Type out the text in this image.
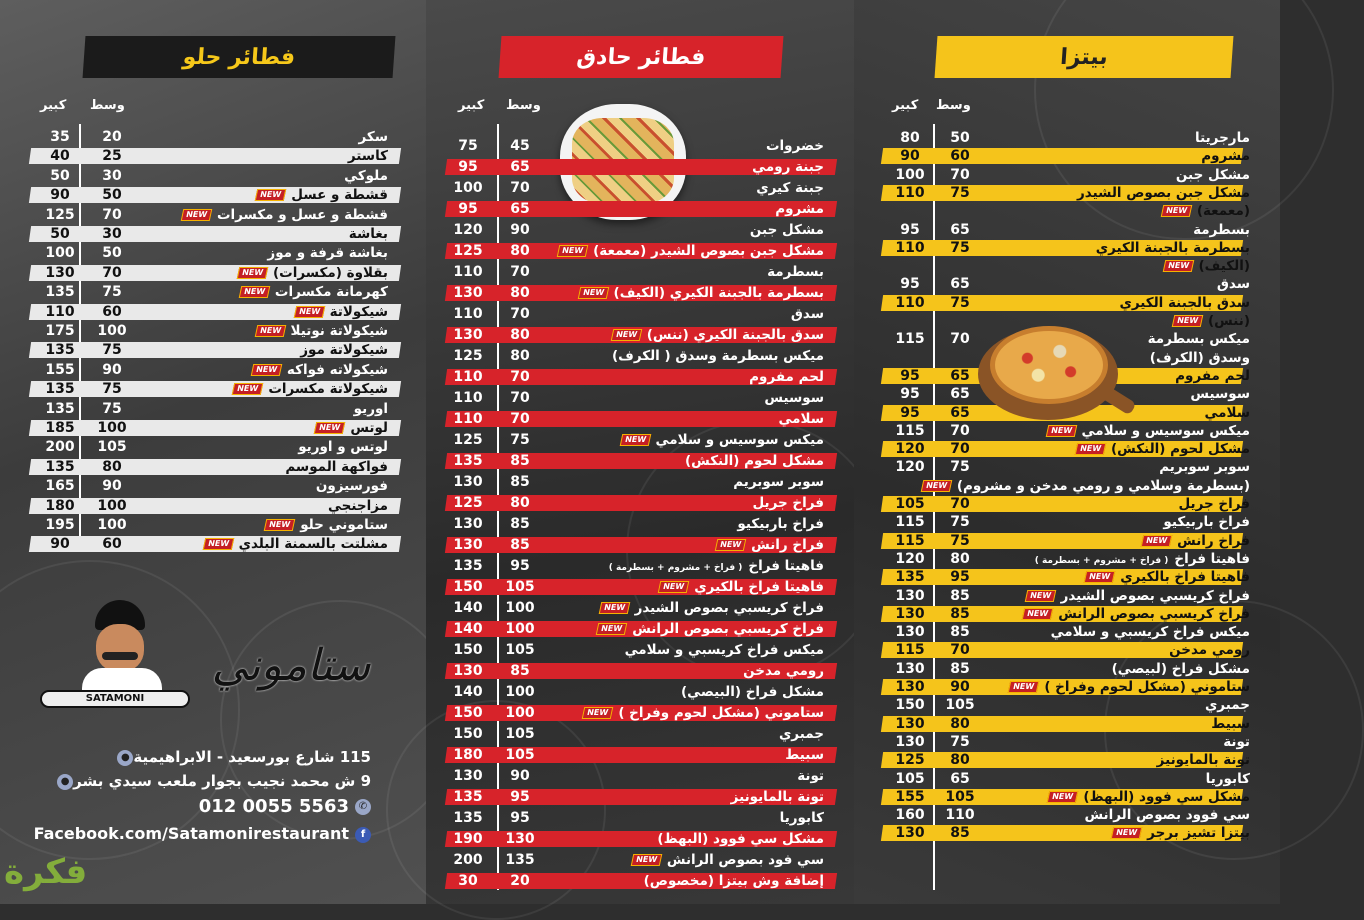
فطائر حلو
وسط
كبير
35	20	سكر
40	25	كاستر
50	30	ملوكي
90	50	قشطة و عسلNEW
125	70	قشطة و عسل و مكسراتNEW
50	30	بغاشة
100	50	بغاشة قرفة و موز
130	70	بقلاوة (مكسرات)NEW
135	75	كهرمانة مكسراتNEW
110	60	شيكولاتةNEW
175	100	شيكولاتة نوتيلاNEW
135	75	شيكولاتة موز
155	90	شيكولاته فواكهNEW
135	75	شيكولاتة مكسراتNEW
135	75	اوريو
185	100	لوتسNEW
200	105	لوتس و اوريو
135	80	فواكهة الموسم
165	90	فورسيزون
180	100	مزاجنجي
195	100	ستاموني حلوNEW
90	60	مشلتت بالسمنة البلديNEW
SATAMONI
ستاموني
115 شارع بورسعيد - الابراهيمية●
9 ش محمد نجيب بجوار ملعب سيدي بشر●
012 0055 5563 ✆
Facebook.com/Satamonirestaurant f
فكرة
فطائر حادق
وسط
كبير
75	45	خضروات
95	65	جبنة رومي
100	70	جبنة كيري
95	65	مشروم
120	90	مشكل جبن
125	80	مشكل جبن بصوص الشيدر (معمعة)NEW
110	70	بسطرمة
130	80	بسطرمة بالجبنة الكيري (الكيف)NEW
110	70	سدق
130	80	سدق بالجبنة الكيري (ننس)NEW
125	80	ميكس بسطرمة وسدق ( الكرف)
110	70	لحم مفروم
110	70	سوسيس
110	70	سلامي
125	75	ميكس سوسيس و سلاميNEW
135	85	مشكل لحوم (النكش)
130	85	سوبر سوبريم
125	80	فراخ جريل
130	85	فراخ باربيكيو
130	85	فراخ رانشNEW
135	95	فاهيتا فراخ( فراخ + مشروم + بسطرمة )
150	105	فاهيتا فراخ بالكيريNEW
140	100	فراخ كريسبي بصوص الشيدرNEW
140	100	فراخ كريسبي بصوص الرانشNEW
150	105	ميكس فراخ كريسبي و سلامي
130	85	رومي مدخن
140	100	مشكل فراخ (البيصي)
150	100	ستاموني (مشكل لحوم وفراخ )NEW
150	105	جمبري
180	105	سبيط
130	90	تونة
135	95	تونة بالمايونيز
135	95	كابوريا
190	130	مشكل سي فوود (البهظ)
200	135	سي فود بصوص الرانشNEW
30	20	إضافة وش بيتزا (مخصوص)
بيتزا
وسط
كبير
80	50	مارجريتا
90	60	مشروم
100	70	مشكل جبن
110	75	مشكل جبن بصوص الشيدر
(معمعة)NEW
95	65	بسطرمة
110	75	بسطرمة بالجبنة الكيري
(الكيف)NEW
95	65	سدق
110	75	سدق بالجبنة الكيري
(ننس)NEW
115	70	ميكس بسطرمة
وسدق (الكرف)
95	65	لحم مفروم
95	65	سوسيس
95	65	سلامي
115	70	ميكس سوسيس و سلاميNEW
120	70	مشكل لحوم (النكش)NEW
120	75	سوبر سوبريم
(بسطرمة وسلامي و رومي مدخن و مشروم)NEW
105	70	فراخ جريل
115	75	فراخ باربيكيو
115	75	فراخ رانشNEW
120	80	فاهيتا فراخ( فراخ + مشروم + بسطرمة )
135	95	فاهيتا فراخ بالكيريNEW
130	85	فراخ كريسبي بصوص الشيدرNEW
130	85	فراخ كريسبي بصوص الرانشNEW
130	85	ميكس فراخ كريسبي و سلامي
115	70	رومي مدخن
130	85	مشكل فراخ (لبيصي)
130	90	ستاموني (مشكل لحوم وفراخ )NEW
150	105	جمبري
130	80	سبيط
130	75	تونة
125	80	تونة بالمايونيز
105	65	كابوريا
155	105	مشكل سي فوود (البهظ)NEW
160	110	سي فوود بصوص الرانش
130	85	بيتزا تشيز برجرNEW
